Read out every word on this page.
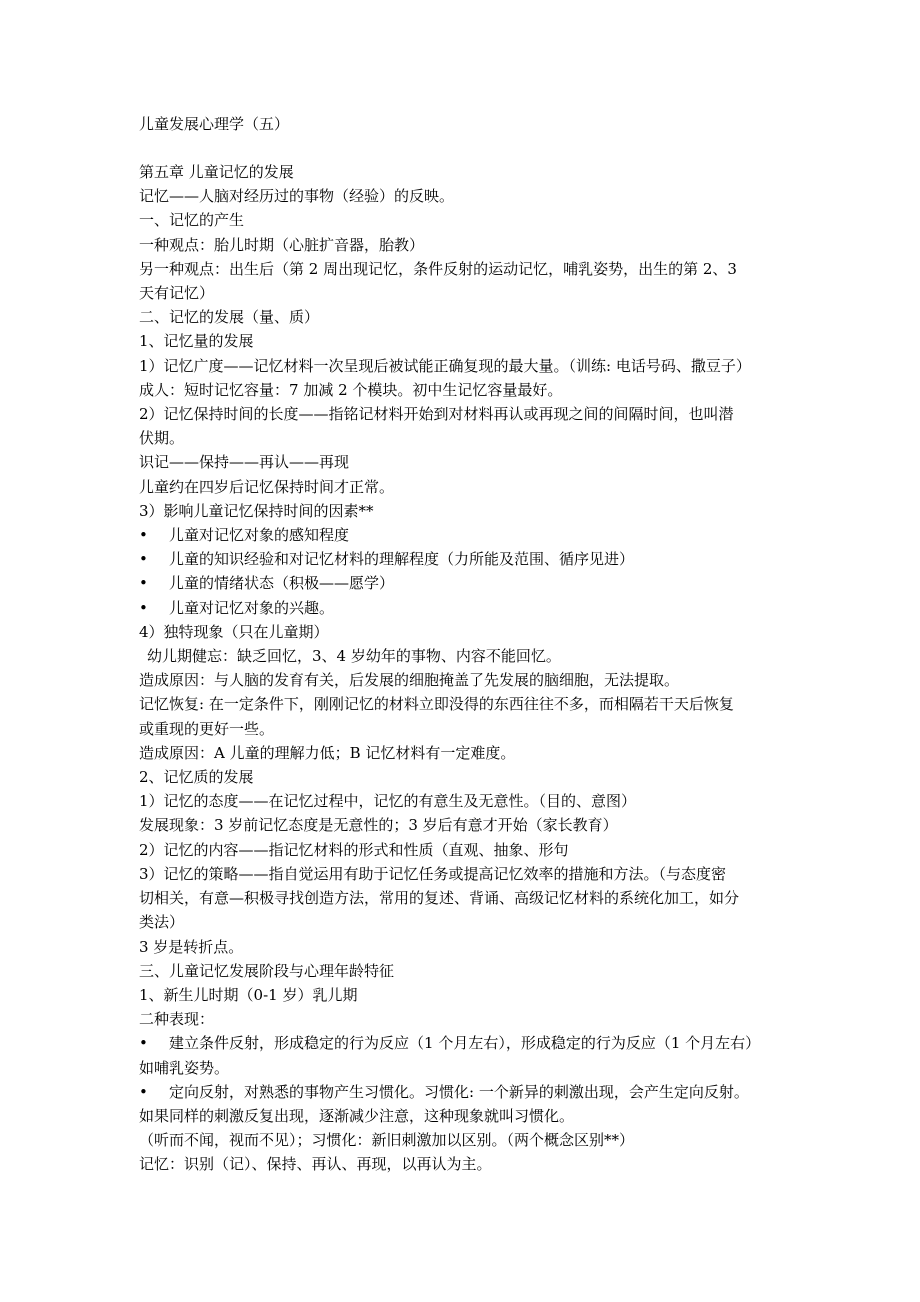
儿童发展心理学（五）
第五章 儿童记忆的发展
记忆——人脑对经历过的事物（经验）的反映。
一、记忆的产生
一种观点：胎儿时期（心脏扩音器，胎教）
另一种观点：出生后（第 2 周出现记忆，条件反射的运动记忆，哺乳姿势，出生的第 2、3
天有记忆）
二、记忆的发展（量、质）
1、记忆量的发展
1）记忆广度——记忆材料一次呈现后被试能正确复现的最大量。（训练: 电话号码、撒豆子）
成人：短时记忆容量：7 加减 2 个模块。初中生记忆容量最好。
2）记忆保持时间的长度——指铭记材料开始到对材料再认或再现之间的间隔时间，也叫潜
伏期。
识记——保持——再认——再现
儿童约在四岁后记忆保持时间才正常。
3）影响儿童记忆保持时间的因素**
• 儿童对记忆对象的感知程度
• 儿童的知识经验和对记忆材料的理解程度（力所能及范围、循序见进）
• 儿童的情绪状态（积极——愿学）
• 儿童对记忆对象的兴趣。
4）独特现象（只在儿童期）
幼儿期健忘：缺乏回忆，3、4 岁幼年的事物、内容不能回忆。
造成原因：与人脑的发育有关，后发展的细胞掩盖了先发展的脑细胞，无法提取。
记忆恢复: 在一定条件下，刚刚记忆的材料立即没得的东西往往不多，而相隔若干天后恢复
或重现的更好一些。
造成原因：A 儿童的理解力低；B 记忆材料有一定难度。
2、记忆质的发展
1）记忆的态度——在记忆过程中，记忆的有意生及无意性。（目的、意图）
发展现象：3 岁前记忆态度是无意性的；3 岁后有意才开始（家长教育）
2）记忆的内容——指记忆材料的形式和性质（直观、抽象、形句
3）记忆的策略——指自觉运用有助于记忆任务或提高记忆效率的措施和方法。（与态度密
切相关，有意—积极寻找创造方法，常用的复述、背诵、高级记忆材料的系统化加工，如分
类法）
3 岁是转折点。
三、儿童记忆发展阶段与心理年龄特征
1、新生儿时期（0-1 岁）乳儿期
二种表现：
• 建立条件反射，形成稳定的行为反应（1 个月左右），形成稳定的行为反应（1 个月左右）
如哺乳姿势。
• 定向反射，对熟悉的事物产生习惯化。习惯化: 一个新异的刺激出现，会产生定向反射。
如果同样的刺激反复出现，逐渐减少注意，这种现象就叫习惯化。
（听而不闻，视而不见）；习惯化：新旧刺激加以区别。（两个概念区别**）
记忆：识别（记）、保持、再认、再现，以再认为主。
